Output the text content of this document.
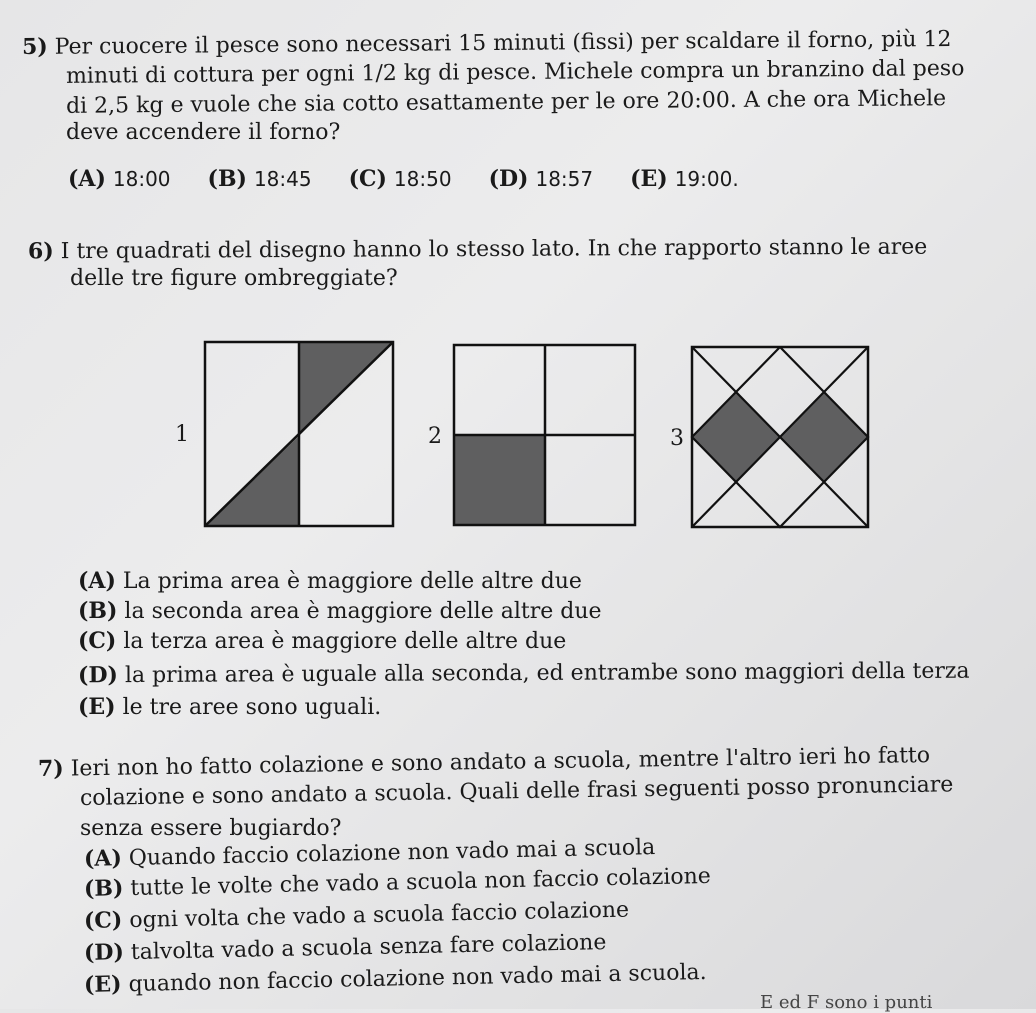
5) Per cuocere il pesce sono necessari 15 minuti (fissi) per scaldare il forno, più 12
minuti di cottura per ogni 1/2 kg di pesce. Michele compra un branzino dal peso
di 2,5 kg e vuole che sia cotto esattamente per le ore 20:00. A che ora Michele
deve accendere il forno?
(A) 18:00 (B) 18:45 (C) 18:50 (D) 18:57 (E) 19:00.
6) I tre quadrati del disegno hanno lo stesso lato. In che rapporto stanno le aree
delle tre figure ombreggiate?
1	2	3
(A) La prima area è maggiore delle altre due
(B) la seconda area è maggiore delle altre due
(C) la terza area è maggiore delle altre due
(D) la prima area è uguale alla seconda, ed entrambe sono maggiori della terza
(E) le tre aree sono uguali.
7) Ieri non ho fatto colazione e sono andato a scuola, mentre l'altro ieri ho fatto
colazione e sono andato a scuola. Quali delle frasi seguenti posso pronunciare
senza essere bugiardo?
(A) Quando faccio colazione non vado mai a scuola
(B) tutte le volte che vado a scuola non faccio colazione
(C) ogni volta che vado a scuola faccio colazione
(D) talvolta vado a scuola senza fare colazione
(E) quando non faccio colazione non vado mai a scuola.
E ed F sono i punti
